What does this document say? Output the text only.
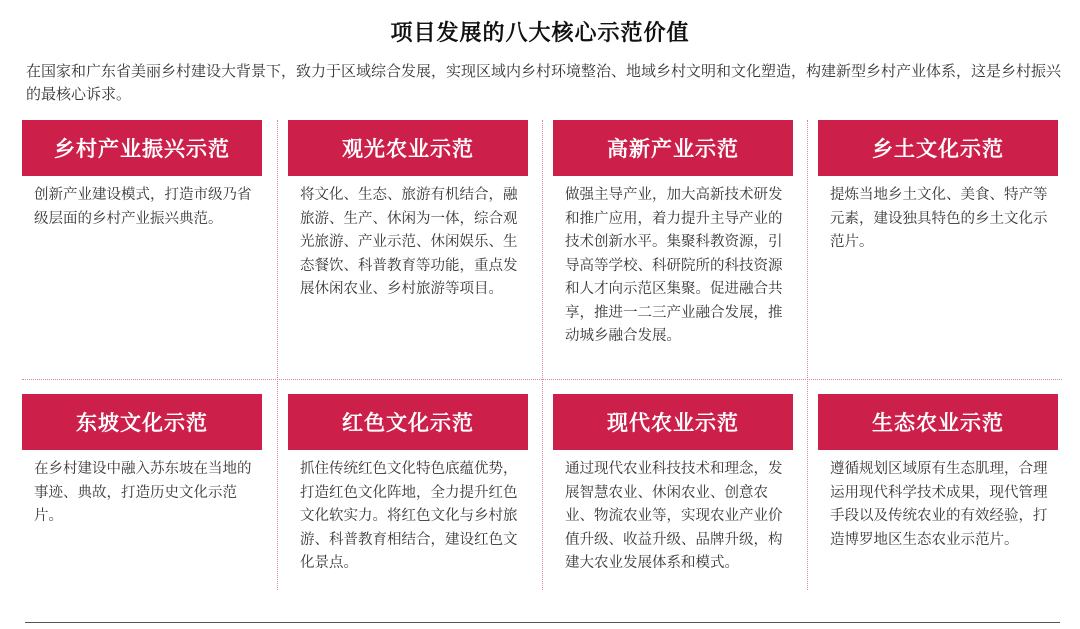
项目发展的八大核心示范价值
在国家和广东省美丽乡村建设大背景下，致力于区域综合发展，实现区域内乡村环境整治、地域乡村文明和文化塑造，构建新型乡村产业体系，这是乡村振兴的最核心诉求。
乡村产业振兴示范
创新产业建设模式，打造市级乃省级层面的乡村产业振兴典范。
观光农业示范
将文化、生态、旅游有机结合，融旅游、生产、休闲为一体，综合观光旅游、产业示范、休闲娱乐、生态餐饮、科普教育等功能，重点发展休闲农业、乡村旅游等项目。
高新产业示范
做强主导产业，加大高新技术研发和推广应用，着力提升主导产业的技术创新水平。集聚科教资源，引导高等学校、科研院所的科技资源和人才向示范区集聚。促进融合共享，推进一二三产业融合发展，推动城乡融合发展。
乡土文化示范
提炼当地乡土文化、美食、特产等元素，建设独具特色的乡土文化示范片。
东坡文化示范
在乡村建设中融入苏东坡在当地的事迹、典故，打造历史文化示范片。
红色文化示范
抓住传统红色文化特色底蕴优势，打造红色文化阵地，全力提升红色文化软实力。将红色文化与乡村旅游、科普教育相结合，建设红色文化景点。
现代农业示范
通过现代农业科技技术和理念，发展智慧农业、休闲农业、创意农业、物流农业等，实现农业产业价值升级、收益升级、品牌升级，构建大农业发展体系和模式。
生态农业示范
遵循规划区域原有生态肌理，合理运用现代科学技术成果，现代管理手段以及传统农业的有效经验，打造博罗地区生态农业示范片。
